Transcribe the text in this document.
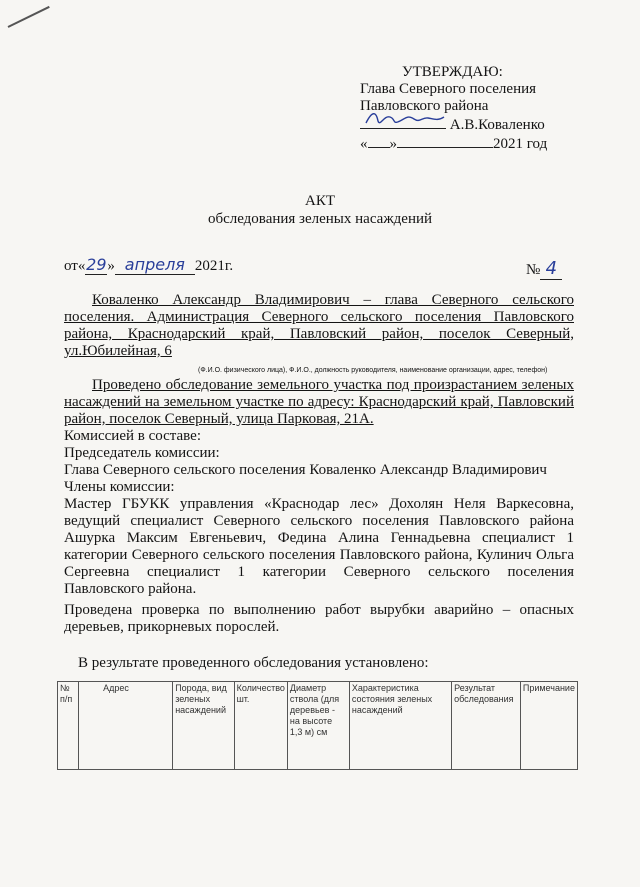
УТВЕРЖДАЮ:
Глава Северного поселения
Павловского района
А.В.Коваленко
« »	2021 год
АКТ
обследования зеленых насаждений
от«29» апреля 2021г.	№ 4
Коваленко Александр Владимирович – глава Северного сельского поселения. Администрация Северного сельского поселения Павловского района, Краснодарский край, Павловский район, поселок Северный, ул.Юбилейная, 6
(Ф.И.О. физического лица), Ф.И.О., должность руководителя, наименование организации, адрес, телефон)
Проведено обследование земельного участка под произрастанием зеленых насаждений на земельном участке по адресу: Краснодарский край, Павловский район, поселок Северный, улица Парковая, 21А.
Комиссией в составе:
Председатель комиссии:
Глава Северного сельского поселения Коваленко Александр Владимирович
Члены комиссии:
Мастер ГБУКК управления «Краснодар лес» Дохолян Неля Варкесовна, ведущий специалист Северного сельского поселения Павловского района Ашурка Максим Евгеньевич, Федина Алина Геннадьевна специалист 1 категории Северного сельского поселения Павловского района, Кулинич Ольга Сергеевна специалист 1 категории Северного сельского поселения Павловского района.
Проведена проверка по выполнению работ вырубки аварийно – опасных деревьев, прикорневых порослей.
В результате проведенного обследования установлено:
№ п/п	Адрес	Порода, вид зеленых насаждений	Количество шт.	Диаметр ствола (для деревьев - на высоте 1,3 м) см	Характеристика состояния зеленых насаждений	Результат обследования	Примечание
